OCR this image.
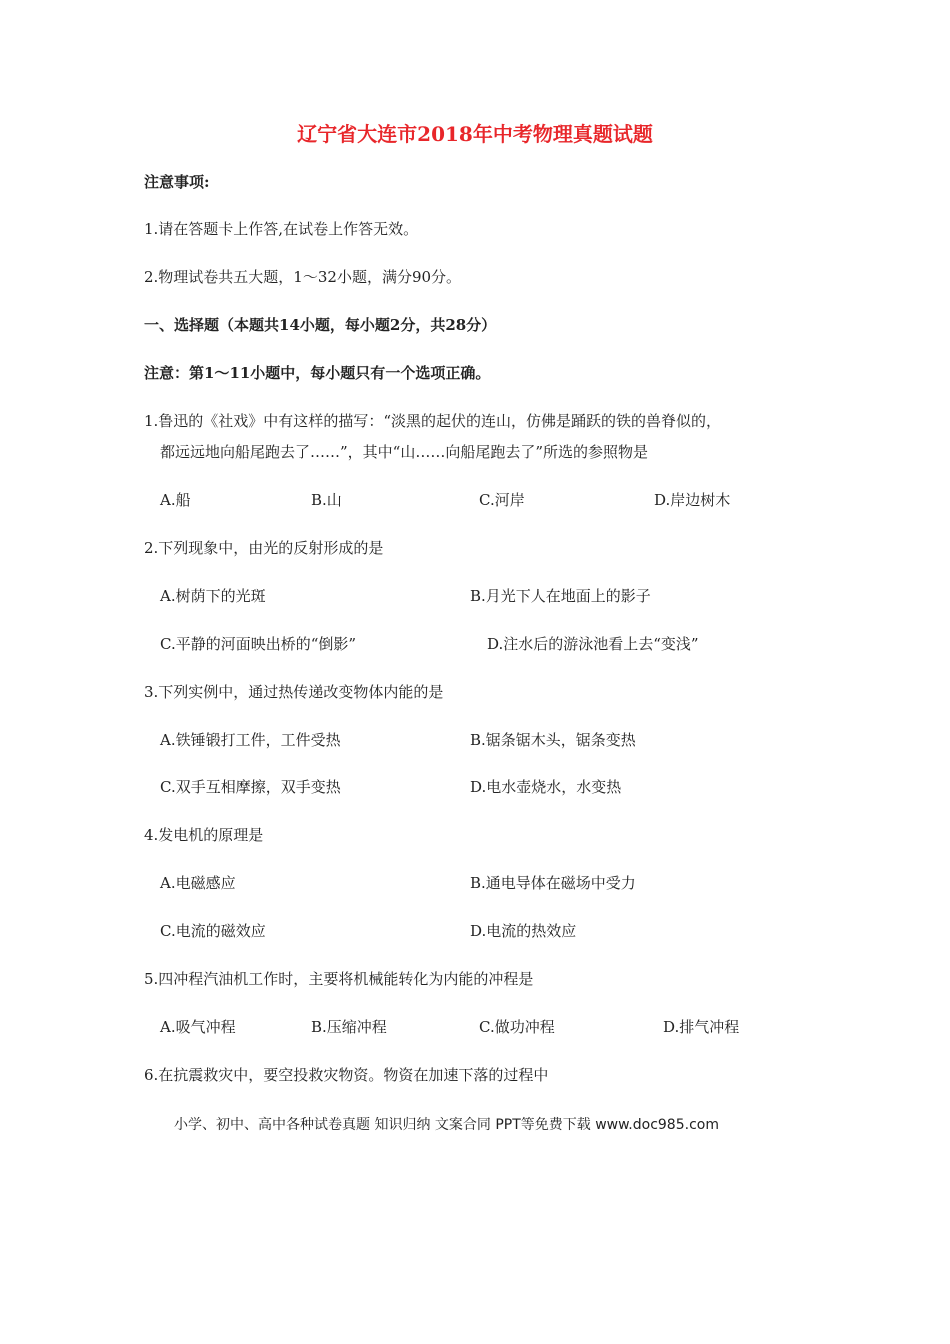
辽宁省大连市2018年中考物理真题试题
注意事项:
1.请在答题卡上作答,在试卷上作答无效。
2.物理试卷共五大题，1～32小题，满分90分。
一、选择题（本题共14小题，每小题2分，共28分）
注意：第1～11小题中，每小题只有一个选项正确。
1.鲁迅的《社戏》中有这样的描写：“淡黑的起伏的连山，仿佛是踊跃的铁的兽脊似的，
都远远地向船尾跑去了……”，其中“山……向船尾跑去了”所选的参照物是
A.船	B.山	C.河岸	D.岸边树木
2.下列现象中，由光的反射形成的是
A.树荫下的光斑	B.月光下人在地面上的影子
C.平静的河面映出桥的“倒影”	D.注水后的游泳池看上去“变浅”
3.下列实例中，通过热传递改变物体内能的是
A.铁锤锻打工件，工件受热	B.锯条锯木头，锯条变热
C.双手互相摩擦，双手变热	D.电水壶烧水，水变热
4.发电机的原理是
A.电磁感应	B.通电导体在磁场中受力
C.电流的磁效应	D.电流的热效应
5.四冲程汽油机工作时，主要将机械能转化为内能的冲程是
A.吸气冲程	B.压缩冲程	C.做功冲程	D.排气冲程
6.在抗震救灾中，要空投救灾物资。物资在加速下落的过程中
小学、初中、高中各种试卷真题 知识归纳 文案合同 PPT等免费下载 www.doc985.com
